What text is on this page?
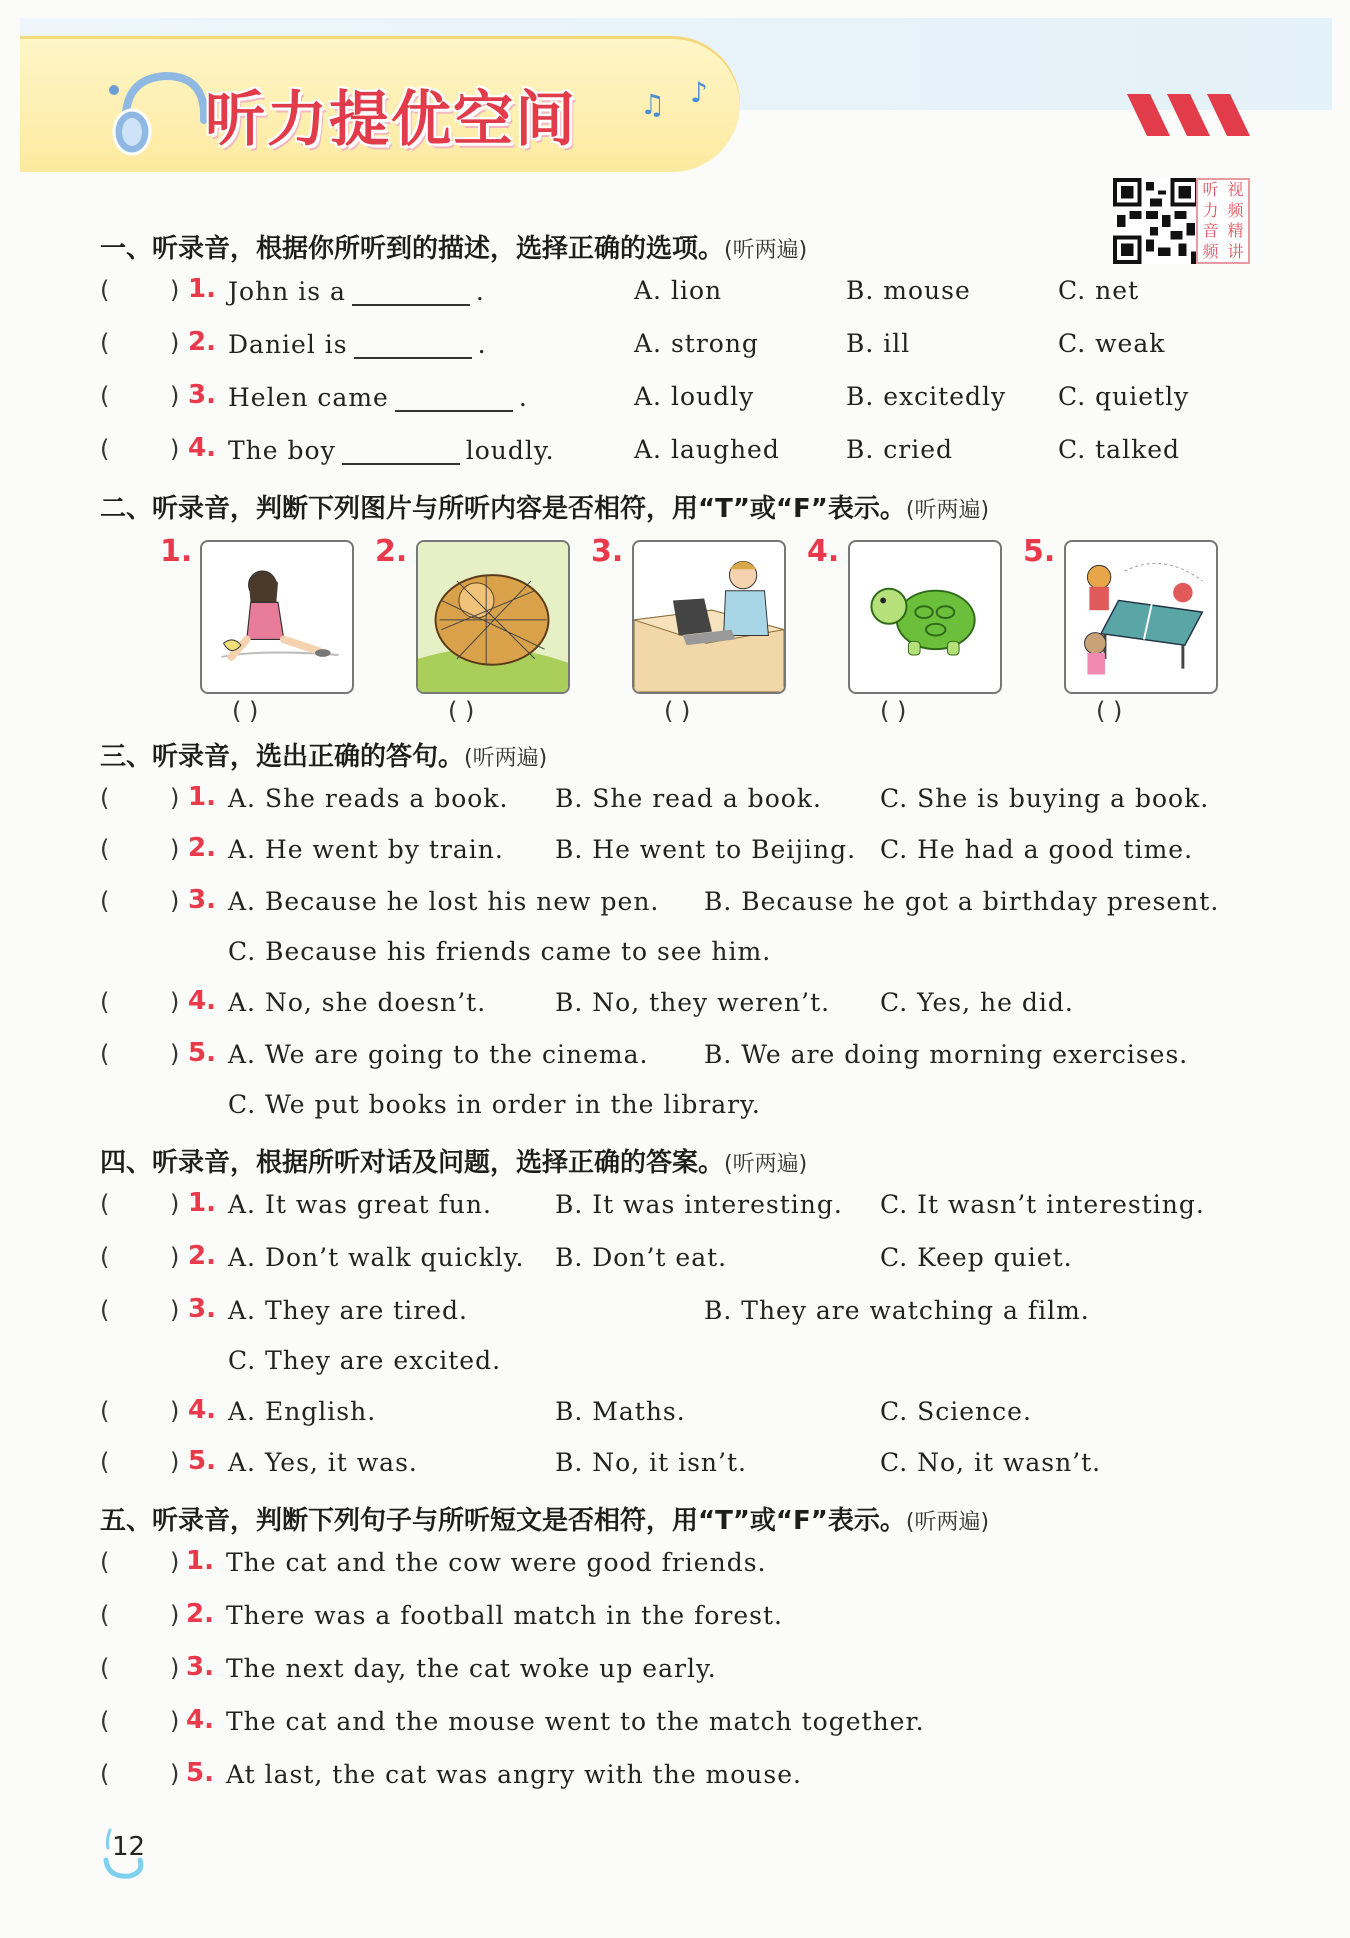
听力提优空间 ♫ ♪
听 视
力 频
音 精
频 讲
一、听录音，根据你所听到的描述，选择正确的选项。(听两遍)
(	) 1. John is a	.	A. lion	B. mouse	C. net
(	) 2. Daniel is	.	A. strong	B. ill	C. weak
(	) 3. Helen came	.	A. loudly	B. excitedly C. quietly
(	) 4. The boy	loudly.	A. laughed	B. cried	C. talked
二、听录音，判断下列图片与所听内容是否相符，用“T”或“F”表示。(听两遍)
1.
( )
2.
( )
3.
( )
4.
( )
5.
( )
三、听录音，选出正确的答句。(听两遍)
(	) 1. A. She reads a book. B. She read a book. C. She is buying a book.
(	) 2. A. He went by train. B. He went to Beijing. C. He had a good time.
(	) 3. A. Because he lost his new pen. B. Because he got a birthday present.
C. Because his friends came to see him.
(	) 4. A. No, she doesn’t.	B. No, they weren’t. C. Yes, he did.
(	) 5. A. We are going to the cinema. B. We are doing morning exercises.
C. We put books in order in the library.
四、听录音，根据所听对话及问题，选择正确的答案。(听两遍)
(	) 1. A. It was great fun.	B. It was interesting. C. It wasn’t interesting.
(	) 2. A. Don’t walk quickly. B. Don’t eat.	C. Keep quiet.
(	) 3. A. They are tired.	B. They are watching a film.
C. They are excited.
(	) 4. A. English.	B. Maths.	C. Science.
(	) 5. A. Yes, it was.	B. No, it isn’t.	C. No, it wasn’t.
五、听录音，判断下列句子与所听短文是否相符，用“T”或“F”表示。(听两遍)
(	) 1. The cat and the cow were good friends.
(	) 2. There was a football match in the forest.
(	) 3. The next day, the cat woke up early.
(	) 4. The cat and the mouse went to the match together.
(	) 5. At last, the cat was angry with the mouse.
12
